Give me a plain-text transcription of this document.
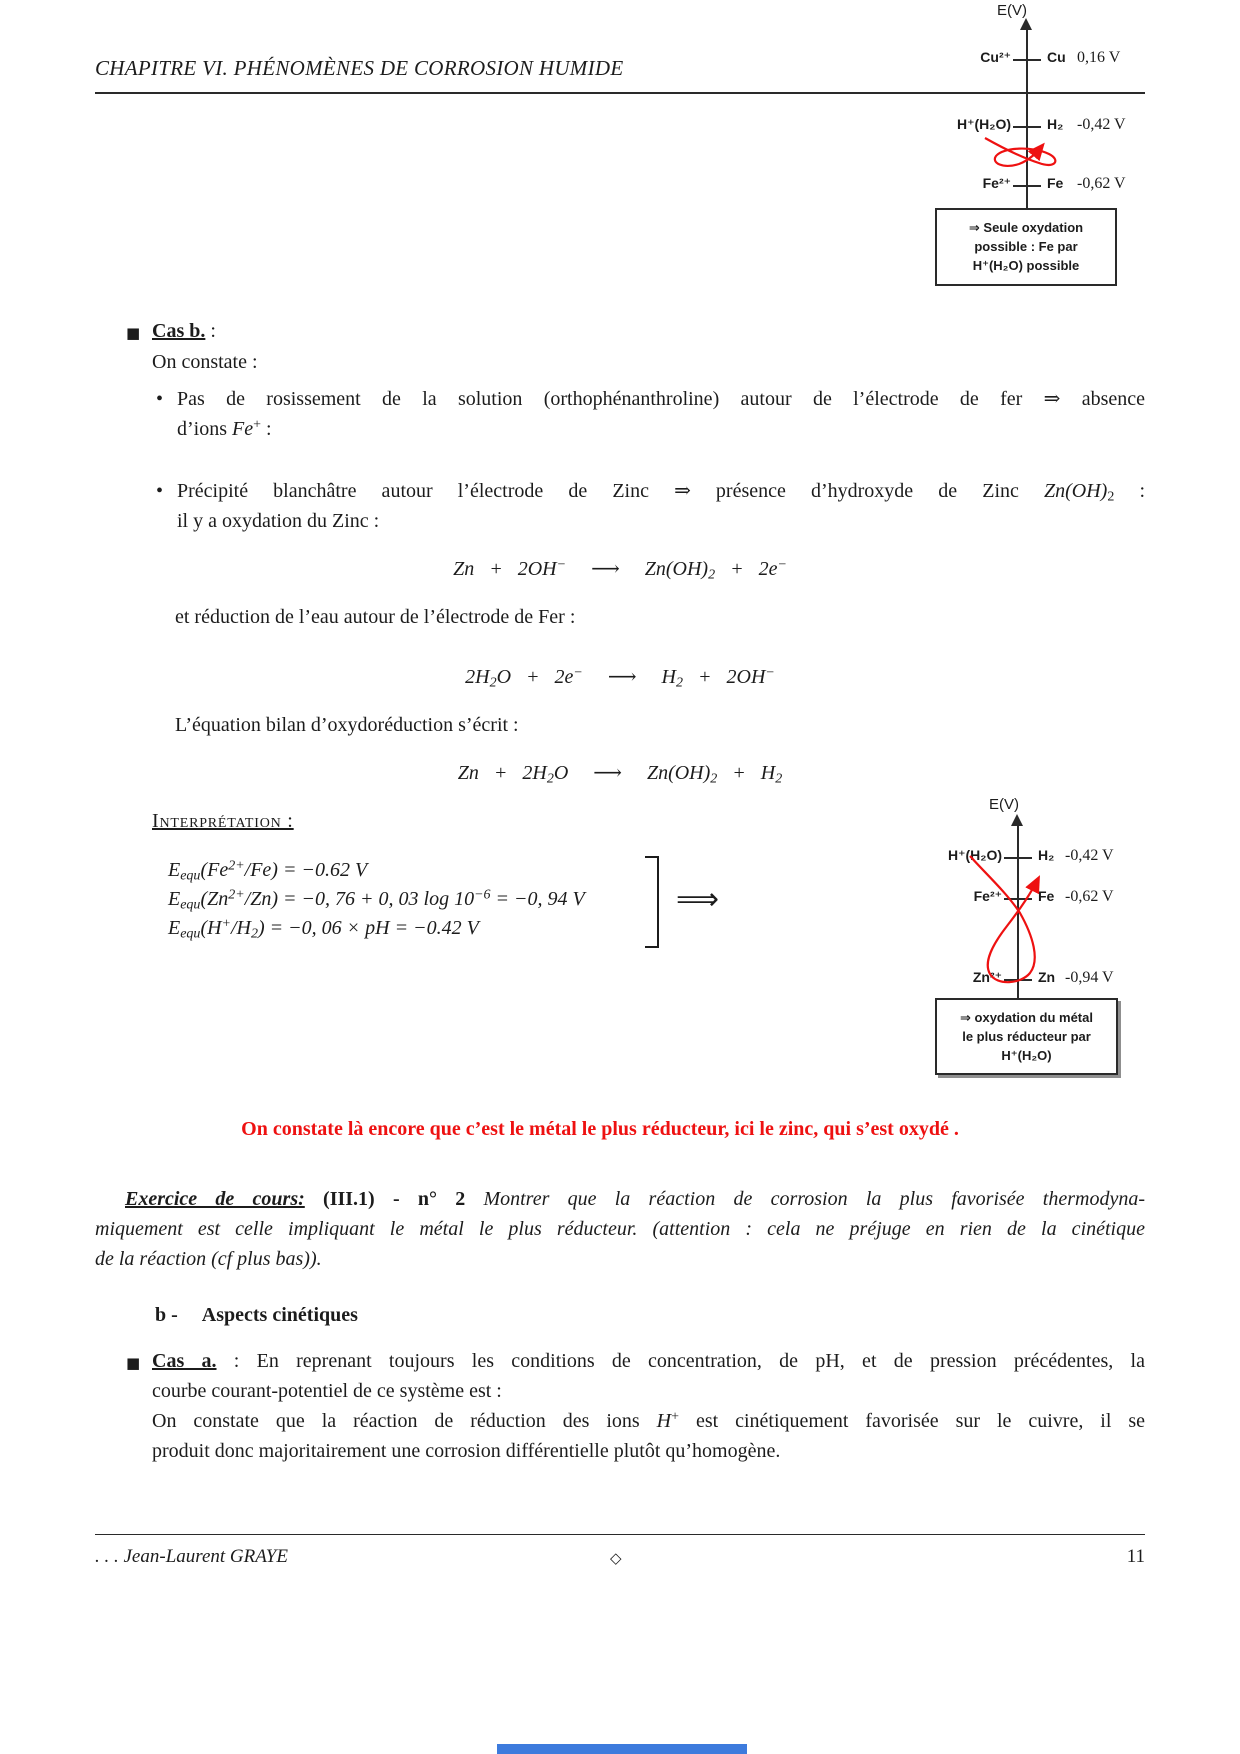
CHAPITRE VI. PHÉNOMÈNES DE CORROSION HUMIDE
E(V)
Cu²⁺	Cu 0,16 V
H⁺(H₂O)	H₂ -0,42 V
Fe²⁺	Fe -0,62 V
⇒ Seule oxydation
possible : Fe par
H⁺(H₂O) possible
■ Cas b. :
On constate :
• Pas de rosissement de la solution (orthophénanthroline) autour de l’électrode de fer ⇒ absence
d’ions Fe+ :
• Précipité blanchâtre autour l’électrode de Zinc ⇒ présence d’hydroxyde de Zinc $Zn(OH)_2$ :
il y a oxydation du Zinc :
Zn   +   2OH−     ⟶     $Zn(OH)_2 + 2e^-$
et réduction de l’eau autour de l’électrode de Fer :
$2H_2O + 2e^-$     ⟶     $H_2 + 2OH^-$
L’équation bilan d’oxydoréduction s’écrit :
$Zn + 2H_2O$     ⟶     $Zn(OH)_2 + H_2$
Interprétation :
$E_{equ}(Fe^{2+}/Fe) = -0.62$ V
$E_{equ}(Zn^{2+}/Zn) = -0$, 76 + 0, 03 $\log 10^{-6} = -0$, 94 V
$E_{equ}(H^+/H_2) = -0$, 06 × pH = −0.42 V
⟹
E(V)
H⁺(H₂O)	H₂ -0,42 V
Fe²⁺	Fe -0,62 V
Zn²⁺	Zn -0,94 V
⇒ oxydation du métal
le plus réducteur par
H⁺(H₂O)
On constate là encore que c’est le métal le plus réducteur, ici le zinc, qui s’est oxydé .
Exercice de cours: (III.1) - n° 2 Montrer que la réaction de corrosion la plus favorisée thermodyna-
miquement est celle impliquant le métal le plus réducteur. (attention : cela ne préjuge en rien de la cinétique
de la réaction (cf plus bas)).
b - Aspects cinétiques
■ Cas a. : En reprenant toujours les conditions de concentration, de pH, et de pression précédentes, la
courbe courant-potentiel de ce système est :
On constate que la réaction de réduction des ions H+ est cinétiquement favorisée sur le cuivre, il se
produit donc majoritairement une corrosion différentielle plutôt qu’homogène.
. . . Jean-Laurent GRAYE	◇	11
